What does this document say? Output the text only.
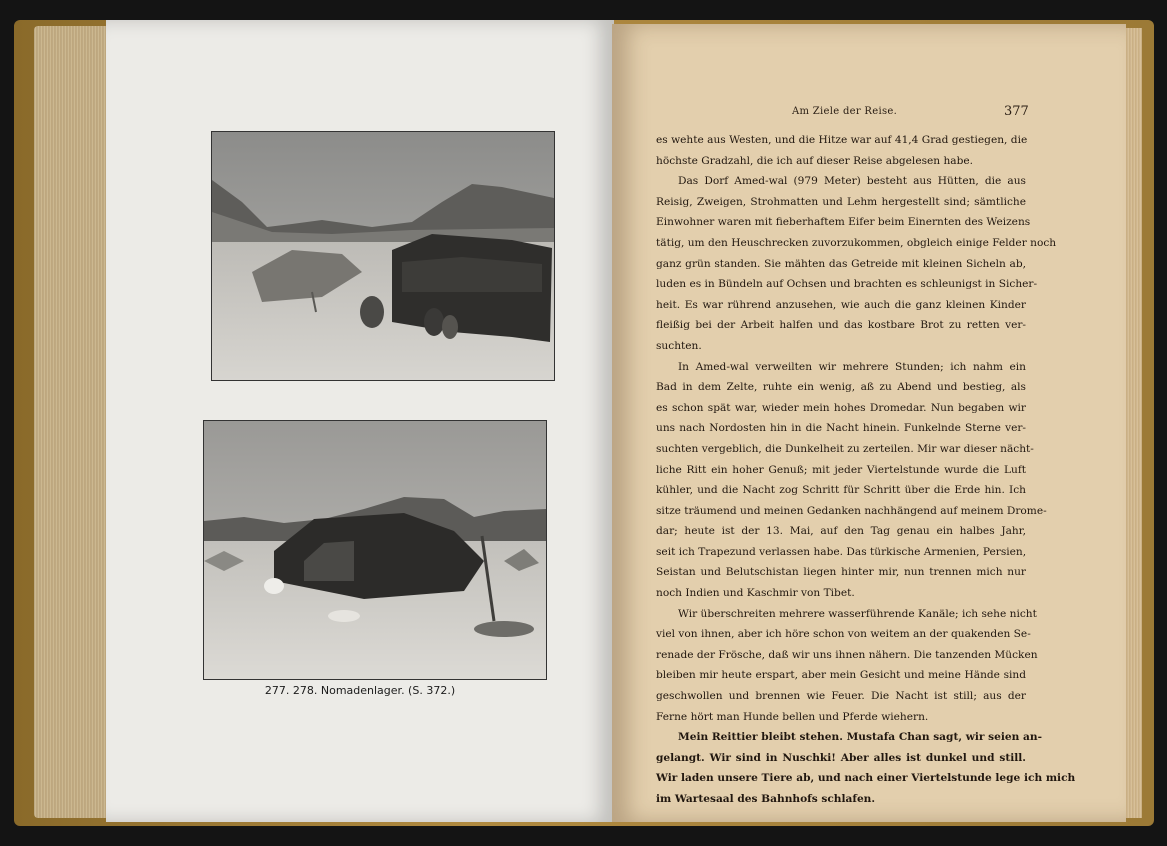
277. 278. Nomadenlager. (S. 372.)
Am Ziele der Reise.	377
es wehte aus Westen, und die Hitze war auf 41,4 Grad gestiegen, die
höchste Gradzahl, die ich auf dieser Reise abgelesen habe.
Das Dorf Amed-wal (979 Meter) besteht aus Hütten, die aus
Reisig, Zweigen, Strohmatten und Lehm hergestellt sind; sämtliche
Einwohner waren mit fieberhaftem Eifer beim Einernten des Weizens
tätig, um den Heuschrecken zuvorzukommen, obgleich einige Felder noch
ganz grün standen. Sie mähten das Getreide mit kleinen Sicheln ab,
luden es in Bündeln auf Ochsen und brachten es schleunigst in Sicher-
heit. Es war rührend anzusehen, wie auch die ganz kleinen Kinder
fleißig bei der Arbeit halfen und das kostbare Brot zu retten ver-
suchten.
In Amed-wal verweilten wir mehrere Stunden; ich nahm ein
Bad in dem Zelte, ruhte ein wenig, aß zu Abend und bestieg, als
es schon spät war, wieder mein hohes Dromedar. Nun begaben wir
uns nach Nordosten hin in die Nacht hinein. Funkelnde Sterne ver-
suchten vergeblich, die Dunkelheit zu zerteilen. Mir war dieser nächt-
liche Ritt ein hoher Genuß; mit jeder Viertelstunde wurde die Luft
kühler, und die Nacht zog Schritt für Schritt über die Erde hin. Ich
sitze träumend und meinen Gedanken nachhängend auf meinem Drome-
dar; heute ist der 13. Mai, auf den Tag genau ein halbes Jahr,
seit ich Trapezund verlassen habe. Das türkische Armenien, Persien,
Seistan und Belutschistan liegen hinter mir, nun trennen mich nur
noch Indien und Kaschmir von Tibet.
Wir überschreiten mehrere wasserführende Kanäle; ich sehe nicht
viel von ihnen, aber ich höre schon von weitem an der quakenden Se-
renade der Frösche, daß wir uns ihnen nähern. Die tanzenden Mücken
bleiben mir heute erspart, aber mein Gesicht und meine Hände sind
geschwollen und brennen wie Feuer. Die Nacht ist still; aus der
Ferne hört man Hunde bellen und Pferde wiehern.
Mein Reittier bleibt stehen. Mustafa Chan sagt, wir seien an-
gelangt. Wir sind in Nuschki! Aber alles ist dunkel und still.
Wir laden unsere Tiere ab, und nach einer Viertelstunde lege ich mich
im Wartesaal des Bahnhofs schlafen.
